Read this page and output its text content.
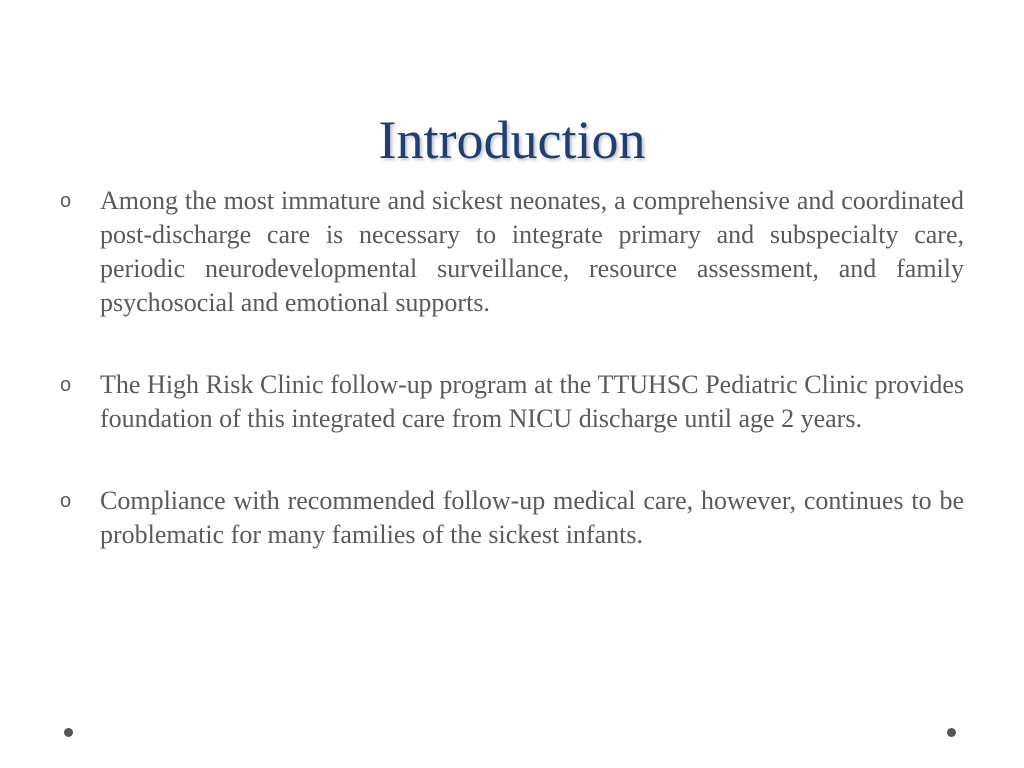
Introduction
o Among the most immature and sickest neonates, a comprehensive and coordinated post-discharge care is necessary to integrate primary and subspecialty care, periodic neurodevelopmental surveillance, resource assessment, and family psychosocial and emotional supports.
o The High Risk Clinic follow-up program at the TTUHSC Pediatric Clinic provides foundation of this integrated care from NICU discharge until age 2 years.
o Compliance with recommended follow-up medical care, however, continues to be problematic for many families of the sickest infants.
